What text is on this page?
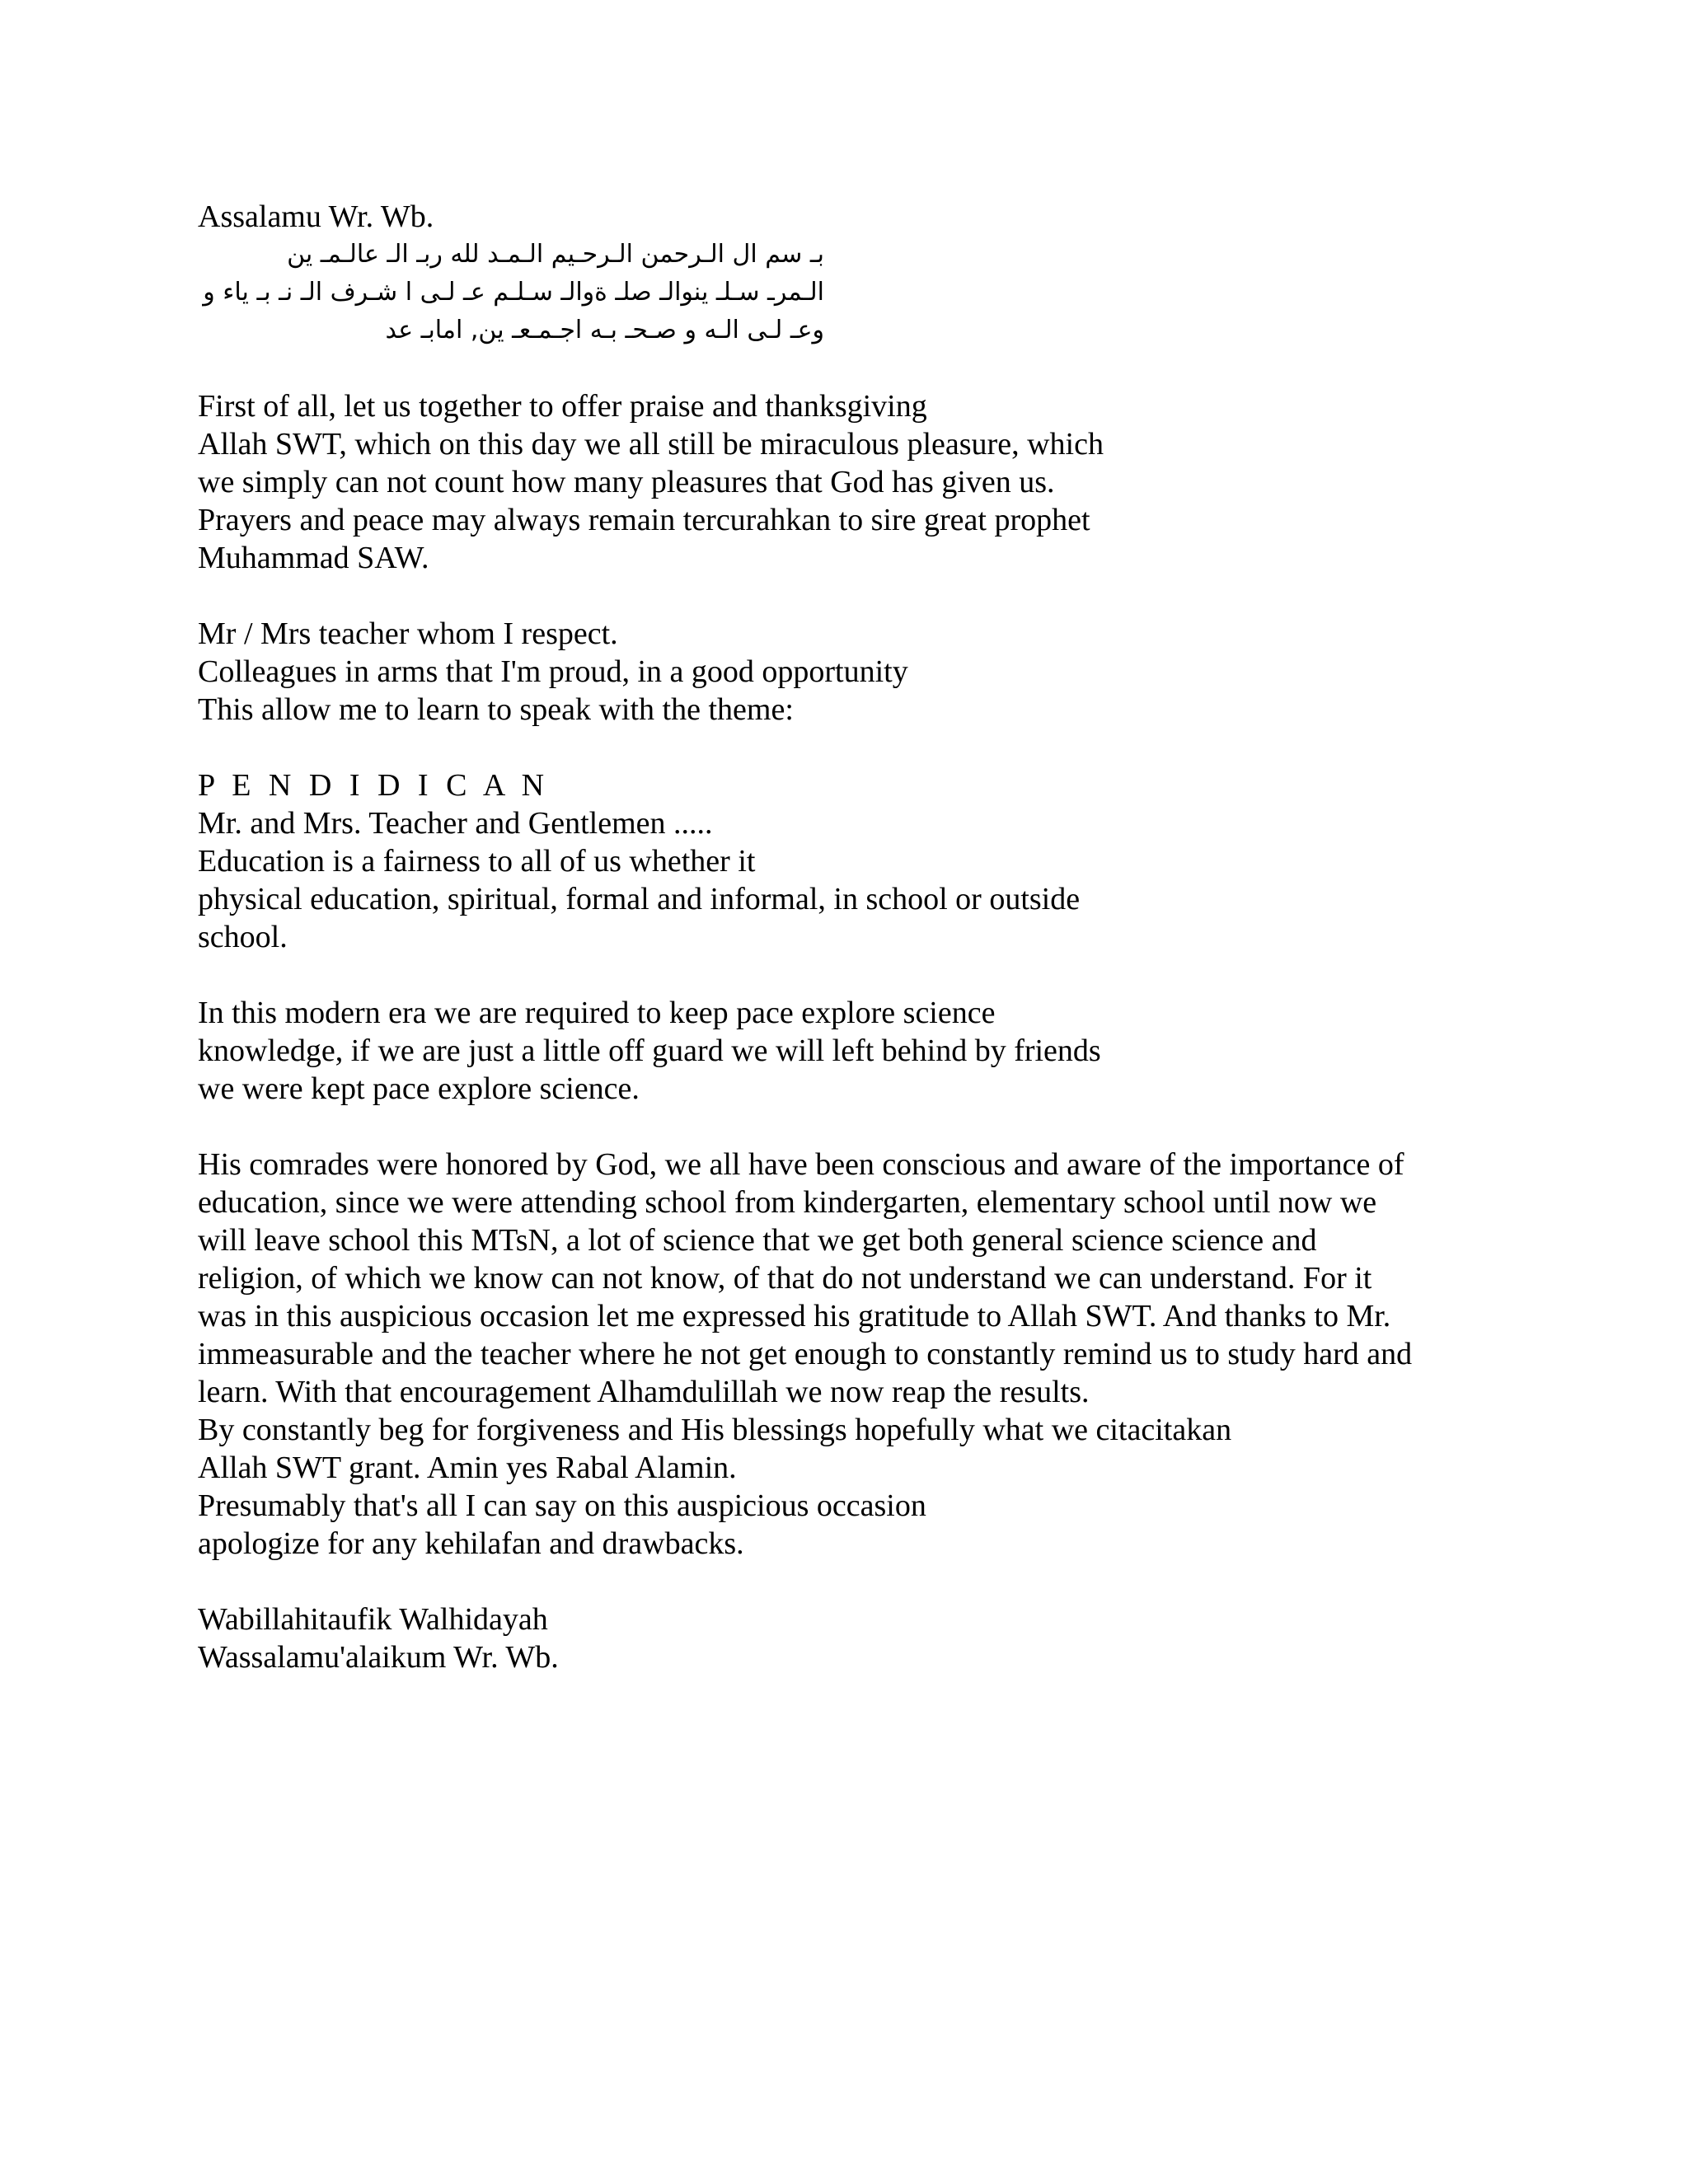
Assalamu Wr. Wb.
بـ سم ال الـرحمن الـرحـيم الـمـد لله ربـ الـ عالـمـ ين
الـمرـ سـلـ ينوالـ صلـ ةوالـ سـلـم عـ لـى ا شـرف الـ نـ بـ ياء و
وعـ لـى الـه و صـحـ بـه اجـمـعـ ين, امابـ عد
First of all, let us together to offer praise and thanksgiving
Allah SWT, which on this day we all still be miraculous pleasure, which
we simply can not count how many pleasures that God has given us.
Prayers and peace may always remain tercurahkan to sire great prophet
Muhammad SAW.
Mr / Mrs teacher whom I respect.
Colleagues in arms that I'm proud, in a good opportunity
This allow me to learn to speak with the theme:
P E N D I D I C A N
Mr. and Mrs. Teacher and Gentlemen .....
Education is a fairness to all of us whether it
physical education, spiritual, formal and informal, in school or outside
school.
In this modern era we are required to keep pace explore science
knowledge, if we are just a little off guard we will left behind by friends
we were kept pace explore science.
His comrades were honored by God, we all have been conscious and aware of the importance of
education, since we were attending school from kindergarten, elementary school until now we
will leave school this MTsN, a lot of science that we get both general science science and
religion, of which we know can not know, of that do not understand we can understand. For it
was in this auspicious occasion let me expressed his gratitude to Allah SWT. And thanks to Mr.
immeasurable and the teacher where he not get enough to constantly remind us to study hard and
learn. With that encouragement Alhamdulillah we now reap the results.
By constantly beg for forgiveness and His blessings hopefully what we citacitakan
Allah SWT grant. Amin yes Rabal Alamin.
Presumably that's all I can say on this auspicious occasion
apologize for any kehilafan and drawbacks.
Wabillahitaufik Walhidayah
Wassalamu'alaikum Wr. Wb.
